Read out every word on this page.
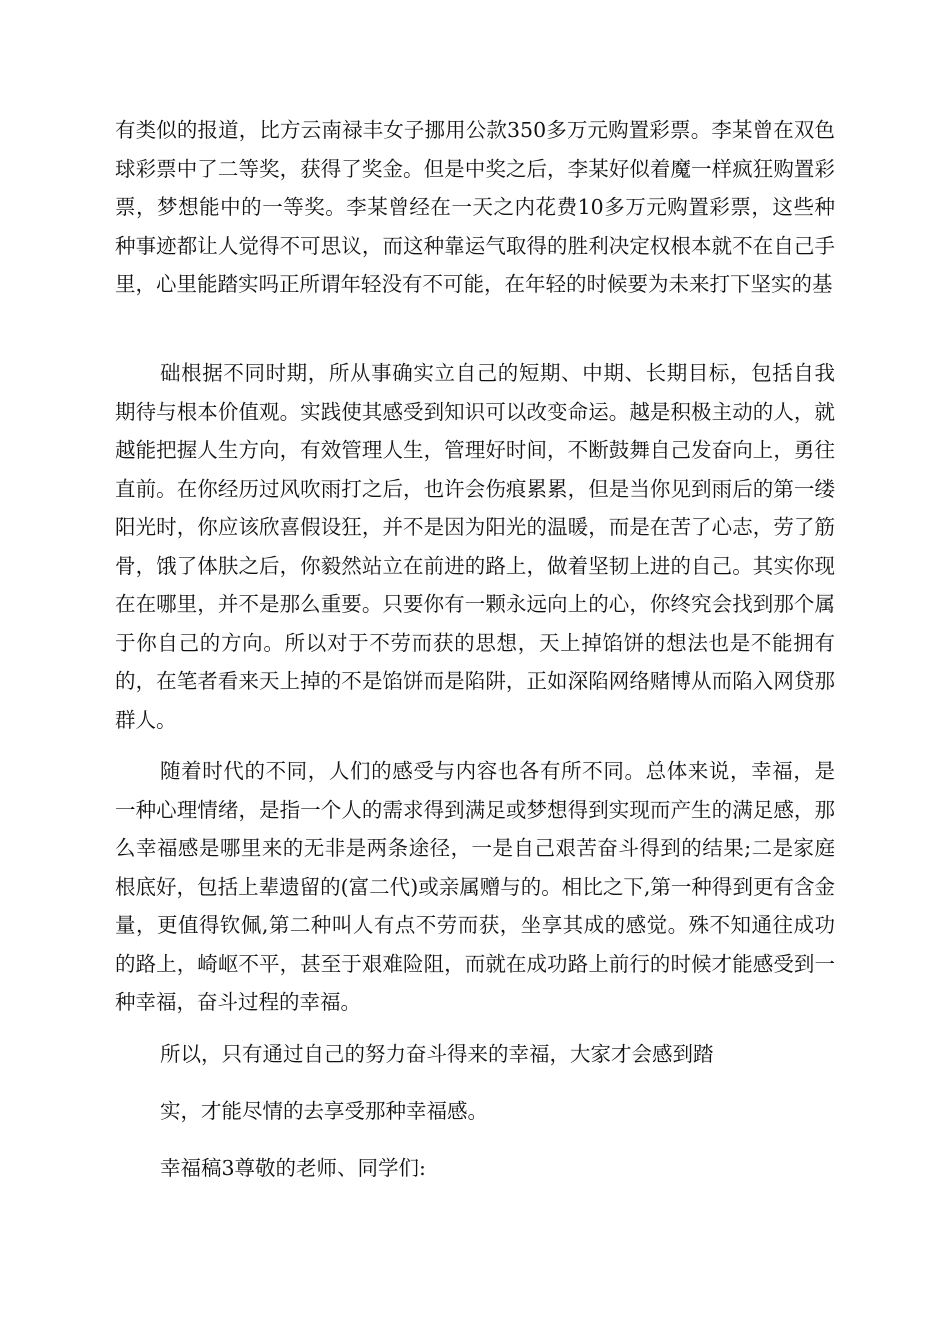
有类似的报道，比方云南禄丰女子挪用公款350多万元购置彩票。李某曾在双色球彩票中了二等奖，获得了奖金。但是中奖之后，李某好似着魔一样疯狂购置彩票，梦想能中的一等奖。李某曾经在一天之内花费10多万元购置彩票，这些种种事迹都让人觉得不可思议，而这种靠运气取得的胜利决定权根本就不在自己手里，心里能踏实吗正所谓年轻没有不可能，在年轻的时候要为未来打下坚实的基

础根据不同时期，所从事确实立自己的短期、中期、长期目标，包括自我期待与根本价值观。实践使其感受到知识可以改变命运。越是积极主动的人，就越能把握人生方向，有效管理人生，管理好时间，不断鼓舞自己发奋向上，勇往直前。在你经历过风吹雨打之后，也许会伤痕累累，但是当你见到雨后的第一缕阳光时，你应该欣喜假设狂，并不是因为阳光的温暖，而是在苦了心志，劳了筋骨，饿了体肤之后，你毅然站立在前进的路上，做着坚韧上进的自己。其实你现在在哪里，并不是那么重要。只要你有一颗永远向上的心，你终究会找到那个属于你自己的方向。所以对于不劳而获的思想，天上掉馅饼的想法也是不能拥有的，在笔者看来天上掉的不是馅饼而是陷阱，正如深陷网络赌博从而陷入网贷那群人。

随着时代的不同，人们的感受与内容也各有所不同。总体来说，幸福，是一种心理情绪，是指一个人的需求得到满足或梦想得到实现而产生的满足感，那么幸福感是哪里来的无非是两条途径，一是自己艰苦奋斗得到的结果;二是家庭根底好，包括上辈遗留的(富二代)或亲属赠与的。相比之下,第一种得到更有含金量，更值得钦佩,第二种叫人有点不劳而获，坐享其成的感觉。殊不知通往成功的路上，崎岖不平，甚至于艰难险阻，而就在成功路上前行的时候才能感受到一种幸福，奋斗过程的幸福。

所以，只有通过自己的努力奋斗得来的幸福，大家才会感到踏

实，才能尽情的去享受那种幸福感。

幸福稿3尊敬的老师、同学们:
